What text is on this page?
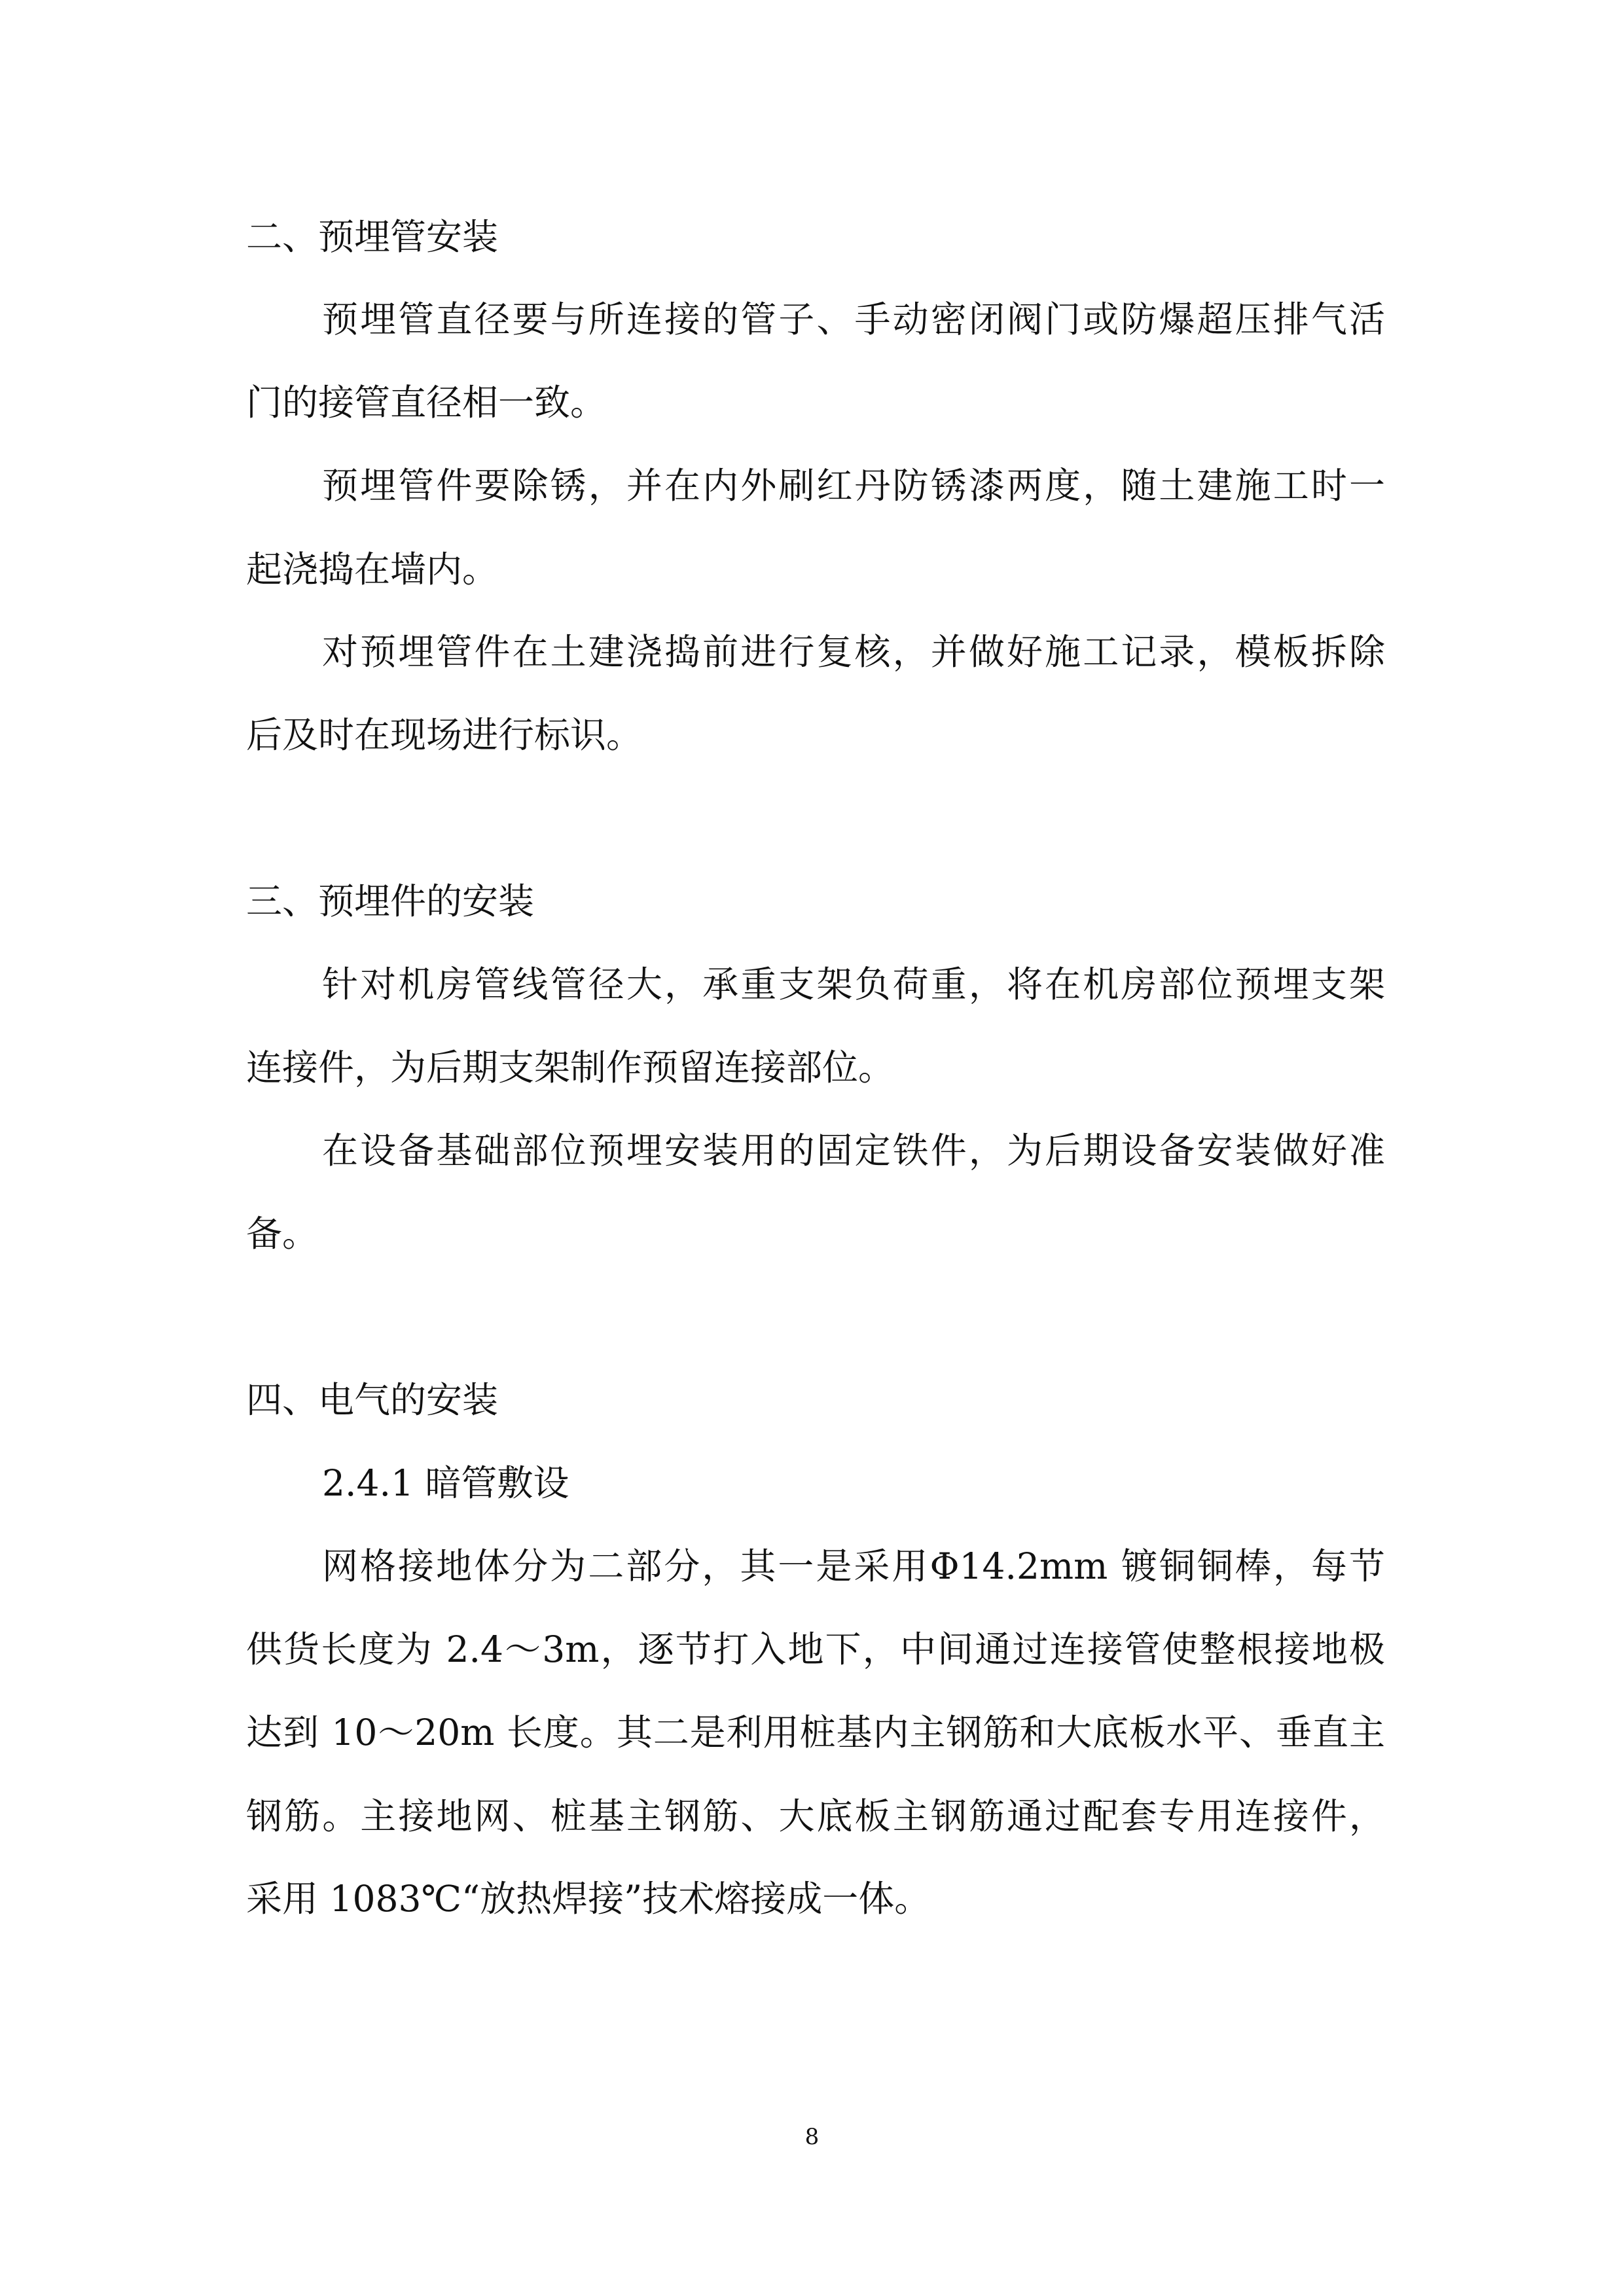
二、预埋管安装
预埋管直径要与所连接的管子、手动密闭阀门或防爆超压排气活
门的接管直径相一致。
预埋管件要除锈，并在内外刷红丹防锈漆两度，随土建施工时一
起浇捣在墙内。
对预埋管件在土建浇捣前进行复核，并做好施工记录，模板拆除
后及时在现场进行标识。
三、预埋件的安装
针对机房管线管径大，承重支架负荷重，将在机房部位预埋支架
连接件，为后期支架制作预留连接部位。
在设备基础部位预埋安装用的固定铁件，为后期设备安装做好准
备。
四、电气的安装
2.4.1 暗管敷设
网格接地体分为二部分，其一是采用Φ14.2mm 镀铜铜棒，每节
供货长度为 2.4～3m，逐节打入地下，中间通过连接管使整根接地极
达到 10～20m 长度。其二是利用桩基内主钢筋和大底板水平、垂直主
钢筋。主接地网、桩基主钢筋、大底板主钢筋通过配套专用连接件，
采用 1083℃“放热焊接”技术熔接成一体。
8
